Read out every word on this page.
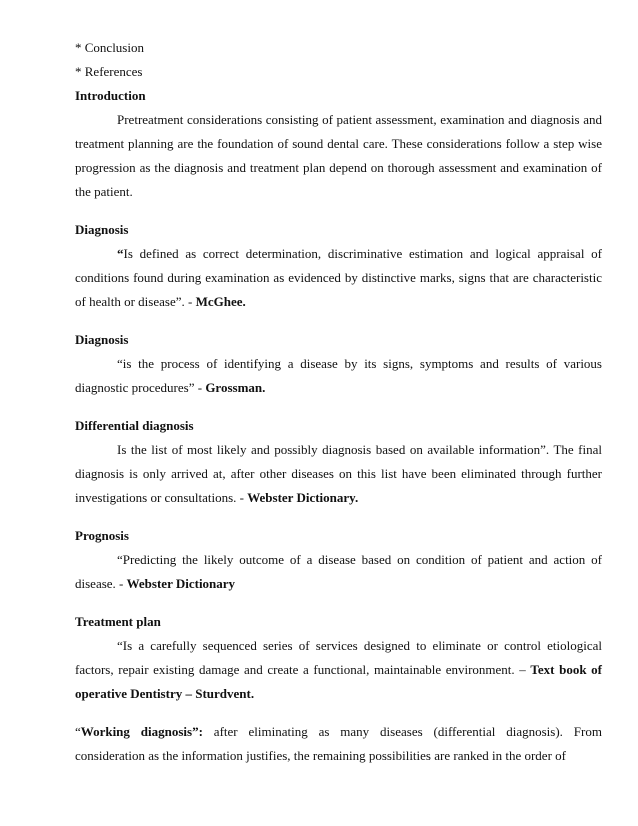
* Conclusion

* References

Introduction

Pretreatment considerations consisting of patient assessment, examination and diagnosis and treatment planning are the foundation of sound dental care. These considerations follow a step wise progression as the diagnosis and treatment plan depend on thorough assessment and examination of the patient.

Diagnosis

“Is defined as correct determination, discriminative estimation and logical appraisal of conditions found during examination as evidenced by distinctive marks, signs that are characteristic of health or disease”. - McGhee.

Diagnosis

“is the process of identifying a disease by its signs, symptoms and results of various diagnostic procedures” - Grossman.

Differential diagnosis

Is the list of most likely and possibly diagnosis based on available information”. The final diagnosis is only arrived at, after other diseases on this list have been eliminated through further investigations or consultations. - Webster Dictionary.

Prognosis

“Predicting the likely outcome of a disease based on condition of patient and action of disease. - Webster Dictionary

Treatment plan

“Is a carefully sequenced series of services designed to eliminate or control etiological factors, repair existing damage and create a functional, maintainable environment. – Text book of operative Dentistry – Sturdvent.

“Working diagnosis”: after eliminating as many diseases (differential diagnosis). From consideration as the information justifies, the remaining possibilities are ranked in the order of
